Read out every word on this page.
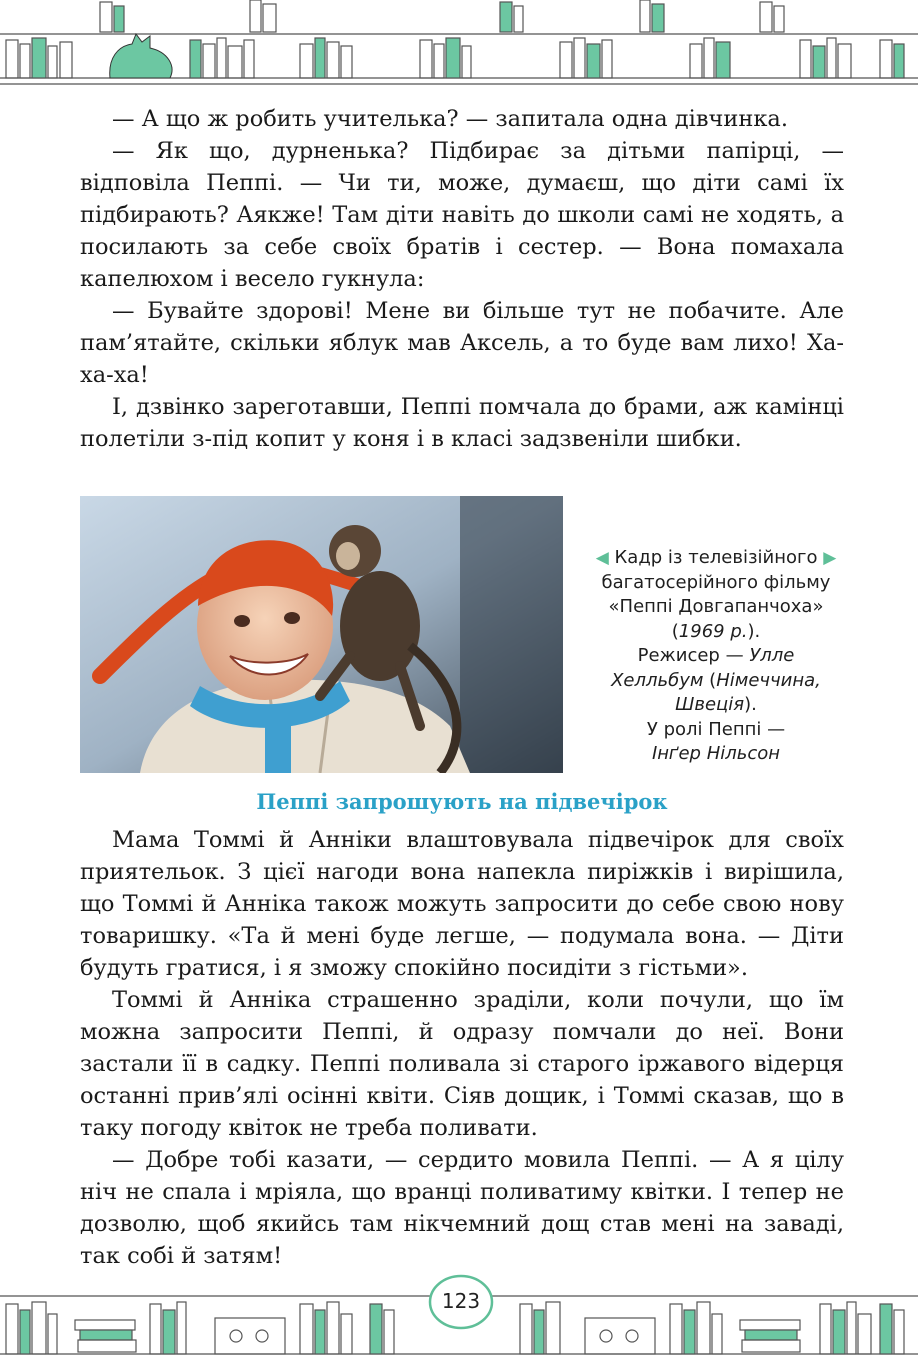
— А що ж робить учителька? — запитала одна дівчинка.

— Як що, дурненька? Підбирає за дітьми папірці, — відповіла Пеппі. — Чи ти, може, думаєш, що діти самі їх підбирають? Аякже! Там діти навіть до школи самі не ходять, а посилають за себе своїх братів і сестер. — Вона помахала капелюхом і весело гукнула:

— Бувайте здорові! Мене ви більше тут не побачите. Але пам’ятайте, скільки яблук мав Аксель, а то буде вам лихо! Ха-ха-ха!

І, дзвінко зареготавши, Пеппі помчала до брами, аж камінці полетіли з-під копит у коня і в класі задзвеніли шибки.

◀ Кадр із телевізійного ▶
багатосерійного фільму
«Пеппі Довгапанчоха»
(1969 р.).
Режисер — Улле
Хелльбум (Німеччина,
Швеція).
У ролі Пеппі —
Інґер Нільсон
Пеппі запрошують на підвечірок

Мама Томмі й Анніки влаштовувала підвечірок для своїх приятельок. З цієї нагоди вона напекла пиріжків і вирішила, що Томмі й Анніка також можуть запросити до себе свою нову товаришку. «Та й мені буде легше, — подумала вона. — Діти будуть гратися, і я зможу спокійно посидіти з гістьми».

Томмі й Анніка страшенно зраділи, коли почули, що їм можна запросити Пеппі, й одразу помчали до неї. Вони застали її в садку. Пеппі поливала зі старого іржавого відерця останні прив’ялі осінні квіти. Сіяв дощик, і Томмі сказав, що в таку погоду квіток не треба поливати.

— Добре тобі казати, — сердито мовила Пеппі. — А я цілу ніч не спала і мріяла, що вранці поливатиму квітки. І тепер не дозволю, щоб якийсь там нікчемний дощ став мені на заваді, так собі й затям!

123
